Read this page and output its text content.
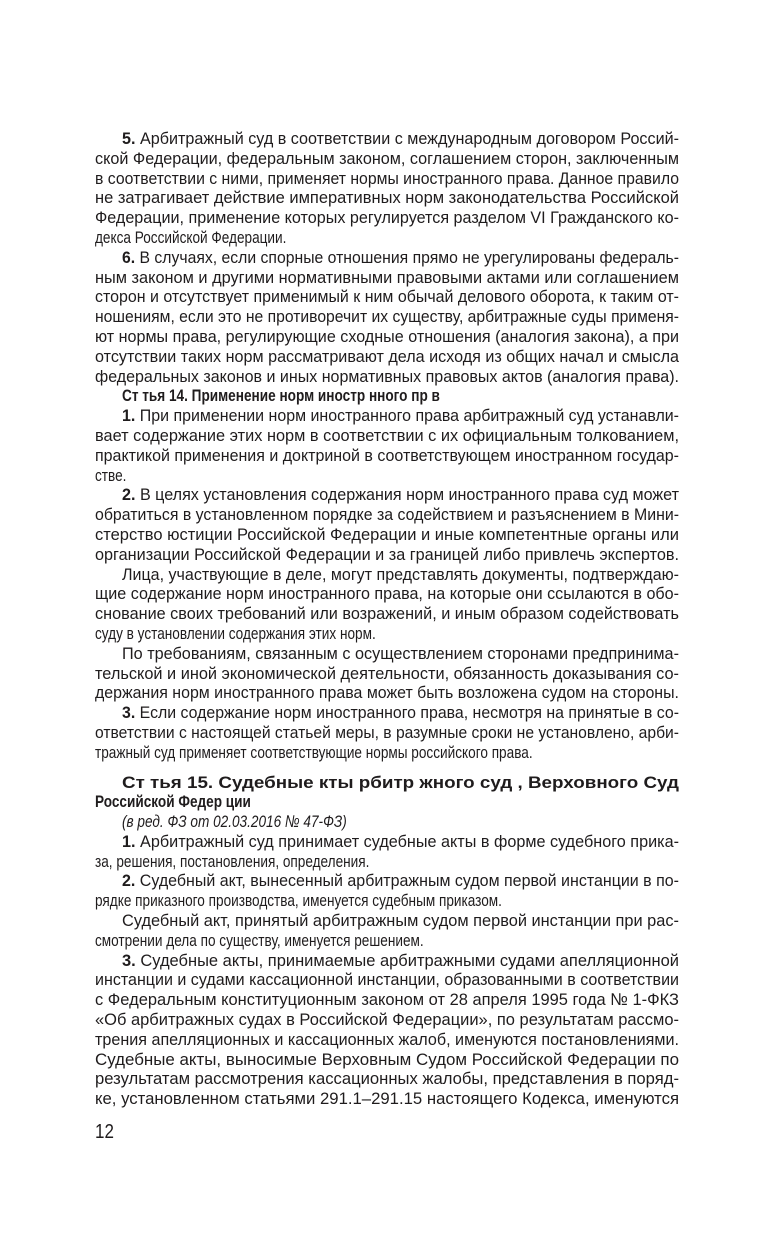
5. Арбитражный суд в соответствии с международным договором Россий-
ской Федерации, федеральным законом, соглашением сторон, заключенным
в соответствии с ними, применяет нормы иностранного права. Данное правило
не затрагивает действие императивных норм законодательства Российской
Федерации, применение которых регулируется разделом VI Гражданского ко-
декса Российской Федерации.
6. В случаях, если спорные отношения прямо не урегулированы федераль-
ным законом и другими нормативными правовыми актами или соглашением
сторон и отсутствует применимый к ним обычай делового оборота, к таким от-
ношениям, если это не противоречит их существу, арбитражные суды применя-
ют нормы права, регулирующие сходные отношения (аналогия закона), а при
отсутствии таких норм рассматривают дела исходя из общих начал и смысла
федеральных законов и иных нормативных правовых актов (аналогия права).
Ст тья 14. Применение норм иностр нного пр в
1. При применении норм иностранного права арбитражный суд устанавли-
вает содержание этих норм в соответствии с их официальным толкованием,
практикой применения и доктриной в соответствующем иностранном государ-
стве.
2. В целях установления содержания норм иностранного права суд может
обратиться в установленном порядке за содействием и разъяснением в Мини-
стерство юстиции Российской Федерации и иные компетентные органы или
организации Российской Федерации и за границей либо привлечь экспертов.
Лица, участвующие в деле, могут представлять документы, подтверждаю-
щие содержание норм иностранного права, на которые они ссылаются в обо-
снование своих требований или возражений, и иным образом содействовать
суду в установлении содержания этих норм.
По требованиям, связанным с осуществлением сторонами предпринима-
тельской и иной экономической деятельности, обязанность доказывания со-
держания норм иностранного права может быть возложена судом на стороны.
3. Если содержание норм иностранного права, несмотря на принятые в со-
ответствии с настоящей статьей меры, в разумные сроки не установлено, арби-
тражный суд применяет соответствующие нормы российского права.
Ст тья 15. Судебные кты рбитр жного суд , Верховного Суд
Российской Федер ции
(в ред. ФЗ от 02.03.2016 № 47-ФЗ)
1. Арбитражный суд принимает судебные акты в форме судебного прика-
за, решения, постановления, определения.
2. Судебный акт, вынесенный арбитражным судом первой инстанции в по-
рядке приказного производства, именуется судебным приказом.
Судебный акт, принятый арбитражным судом первой инстанции при рас-
смотрении дела по существу, именуется решением.
3. Судебные акты, принимаемые арбитражными судами апелляционной
инстанции и судами кассационной инстанции, образованными в соответствии
с Федеральным конституционным законом от 28 апреля 1995 года № 1-ФКЗ
«Об арбитражных судах в Российской Федерации», по результатам рассмо-
трения апелляционных и кассационных жалоб, именуются постановлениями.
Судебные акты, выносимые Верховным Судом Российской Федерации по
результатам рассмотрения кассационных жалобы, представления в поряд-
ке, установленном статьями 291.1–291.15 настоящего Кодекса, именуются
12
